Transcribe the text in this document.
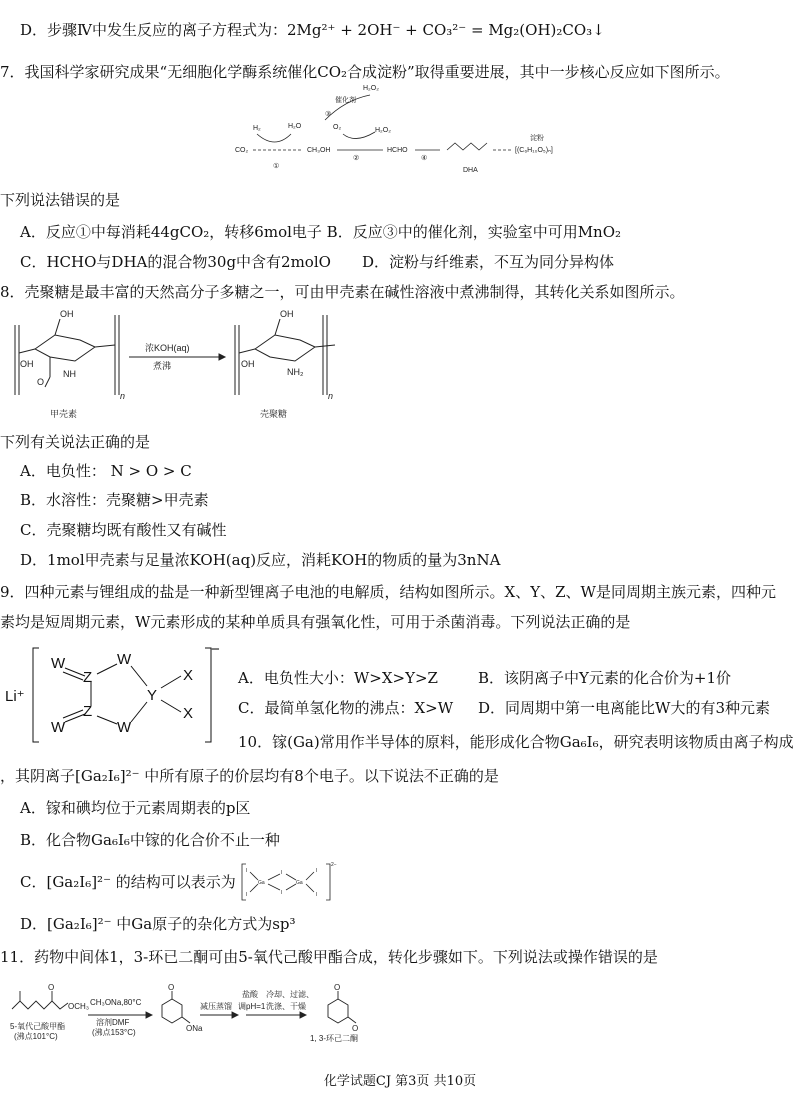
D．步骤Ⅳ中发生反应的离子方程式为：2Mg²⁺ + 2OH⁻ + CO₃²⁻ = Mg₂(OH)₂CO₃↓
7．我国科学家研究成果“无细胞化学酶系统催化CO₂合成淀粉”取得重要进展，其中一步核心反应如下图所示。
催化剂
H₂O₂
H₂	H₂O	O₂	H₂O₂
CO₂	CH₃OH	HCHO
DHA
淀粉
[(C₆H₁₀O₅)ₙ]
①
②
③
④
下列说法错误的是
A．反应①中每消耗44gCO₂，转移6mol电子 B．反应③中的催化剂，实验室中可用MnO₂
C．HCHO与DHA的混合物30g中含有2molO D．淀粉与纤维素，不互为同分异构体
8．壳聚糖是最丰富的天然高分子多糖之一，可由甲壳素在碱性溶液中煮沸制得，其转化关系如图所示。
OH
OH
NH
O
n
浓KOH(aq)
煮沸
OH
OH
NH₂
n
甲壳素	壳聚糖
下列有关说法正确的是
A．电负性： N > O > C
B．水溶性：壳聚糖>甲壳素
C．壳聚糖均既有酸性又有碱性
D．1mol甲壳素与足量浓KOH(aq)反应，消耗KOH的物质的量为3nNA
9．四种元素与锂组成的盐是一种新型锂离子电池的电解质，结构如图所示。X、Y、Z、W是同周期主族元素，四种元
素均是短周期元素，W元素形成的某种单质具有强氧化性，可用于杀菌消毒。下列说法正确的是
Li⁺
W
Z
W
Y
X
X
Z
W
W
−
A．电负性大小：W>X>Y>Z	B．该阴离子中Y元素的化合价为+1价
C．最简单氢化物的沸点：X>W D．同周期中第一电离能比W大的有3种元素
10．镓(Ga)常用作半导体的原料，能形成化合物Ga₆I₆，研究表明该物质由离子构成
，其阴离子[Ga₂I₆]²⁻ 中所有原子的价层均有8个电子。以下说法不正确的是
A．镓和碘均位于元素周期表的p区
B．化合物Ga₆I₆中镓的化合价不止一种
C．[Ga₂I₆]²⁻ 的结构可以表示为	Ga	Ga
I
I
I
I
I
I
2−
D．[Ga₂I₆]²⁻ 中Ga原子的杂化方式为sp³
11．药物中间体1，3-环已二酮可由5-氧代己酸甲酯合成，转化步骤如下。下列说法或操作错误的是
O
OCH₃
5-氧代己酸甲酯
(沸点101°C)
CH₃ONa,80°C
溶剂DMF
(沸点153°C)
O
ONa
减压蒸馏
盐酸
调pH=1
冷却、过滤、
洗涤、干燥
O
O
1, 3-环己二酮
化学试题CJ 第3页 共10页
